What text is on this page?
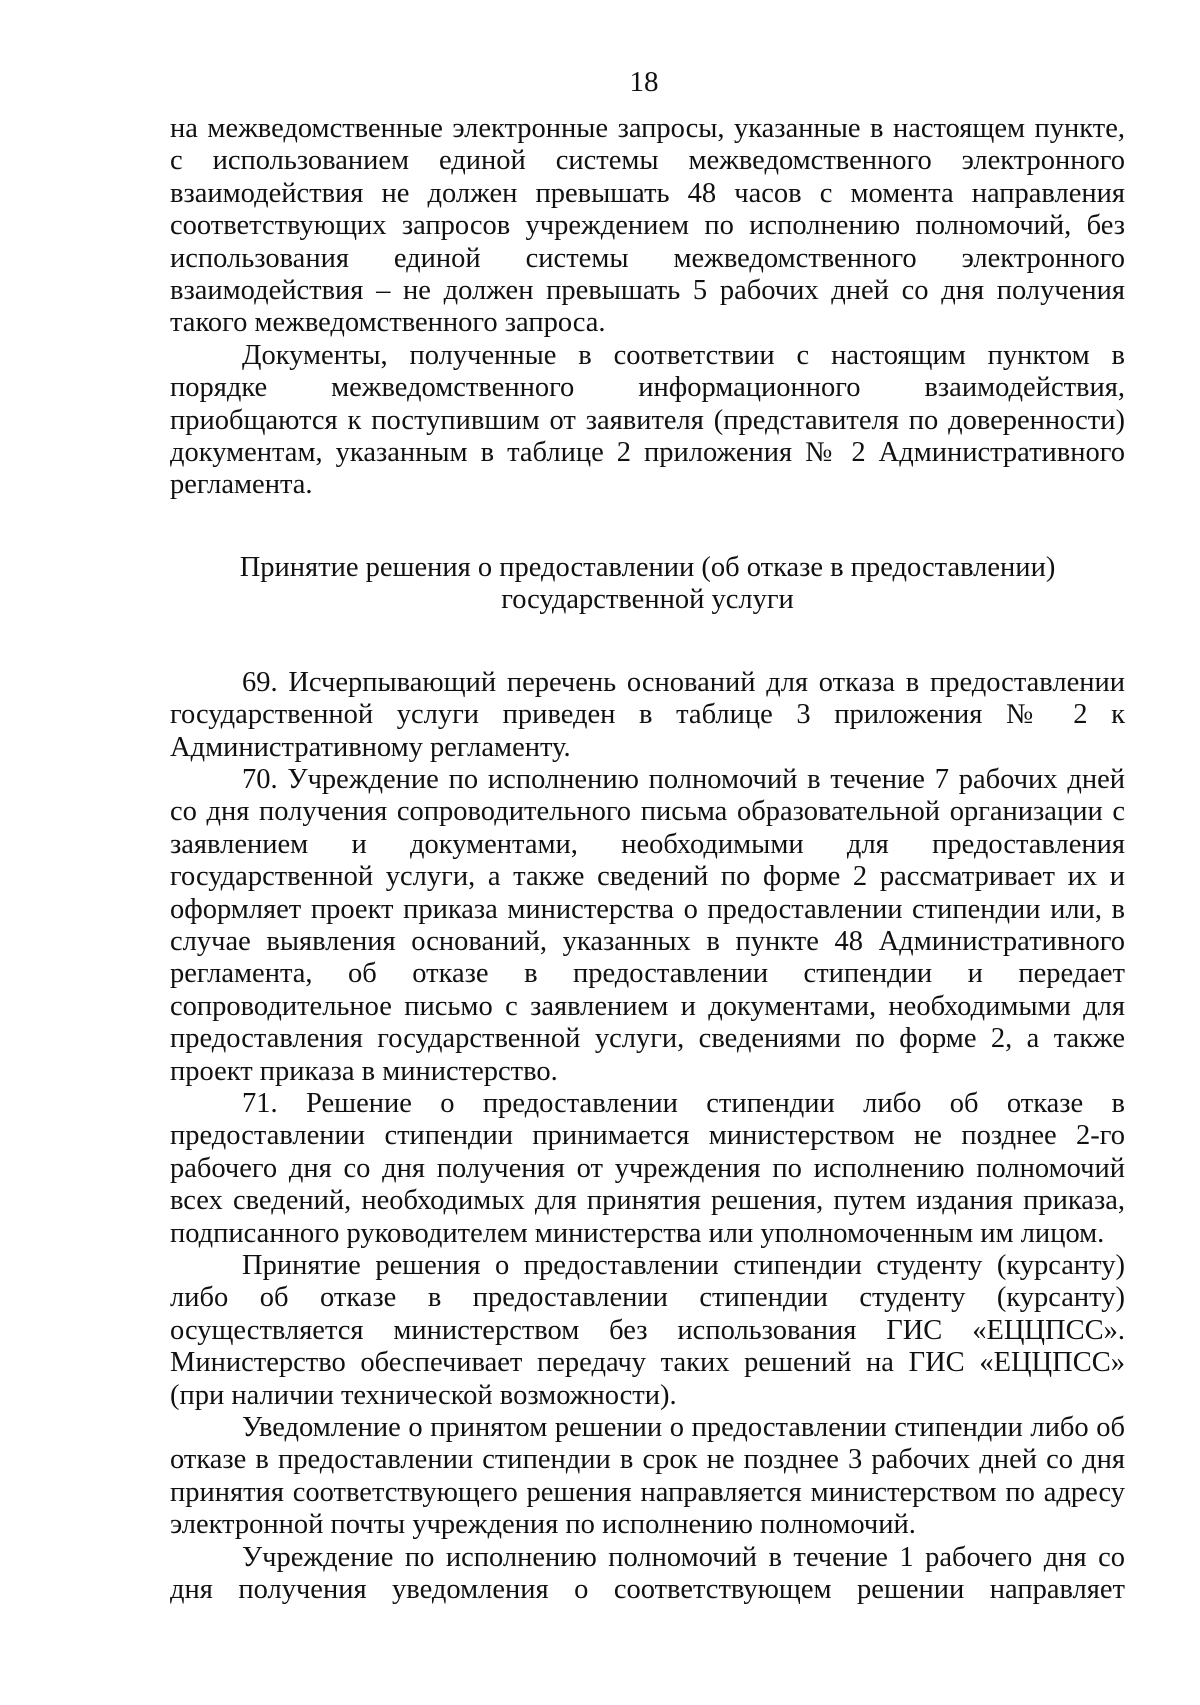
18

на межведомственные электронные запросы, указанные в настоящем пункте, с использованием единой системы межведомственного электронного взаимодействия не должен превышать 48 часов с момента направления соответствующих запросов учреждением по исполнению полномочий, без использования единой системы межведомственного электронного взаимодействия – не должен превышать 5 рабочих дней со дня получения такого межведомственного запроса.

Документы, полученные в соответствии с настоящим пунктом в порядке межведомственного информационного взаимодействия, приобщаются к поступившим от заявителя (представителя по доверенности) документам, указанным в таблице 2 приложения № 2 Административного регламента.

Принятие решения о предоставлении (об отказе в предоставлении)
государственной услуги

69. Исчерпывающий перечень оснований для отказа в предоставлении государственной услуги приведен в таблице 3 приложения № 2 к Административному регламенту.

70. Учреждение по исполнению полномочий в течение 7 рабочих дней со дня получения сопроводительного письма образовательной организации с заявлением и документами, необходимыми для предоставления государственной услуги, а также сведений по форме 2 рассматривает их и оформляет проект приказа министерства о предоставлении стипендии или, в случае выявления оснований, указанных в пункте 48 Административного регламента, об отказе в предоставлении стипендии и передает сопроводительное письмо с заявлением и документами, необходимыми для предоставления государственной услуги, сведениями по форме 2, а также проект приказа в министерство.

71. Решение о предоставлении стипендии либо об отказе в предоставлении стипендии принимается министерством не позднее 2-го рабочего дня со дня получения от учреждения по исполнению полномочий всех сведений, необходимых для принятия решения, путем издания приказа, подписанного руководителем министерства или уполномоченным им лицом.

Принятие решения о предоставлении стипендии студенту (курсанту) либо об отказе в предоставлении стипендии студенту (курсанту) осуществляется министерством без использования ГИС «ЕЦЦПСС». Министерство обеспечивает передачу таких решений на ГИС «ЕЦЦПСС» (при наличии технической возможности).

Уведомление о принятом решении о предоставлении стипендии либо об отказе в предоставлении стипендии в срок не позднее 3 рабочих дней со дня принятия соответствующего решения направляется министерством по адресу электронной почты учреждения по исполнению полномочий.

Учреждение по исполнению полномочий в течение 1 рабочего дня со дня получения уведомления о соответствующем решении направляет
